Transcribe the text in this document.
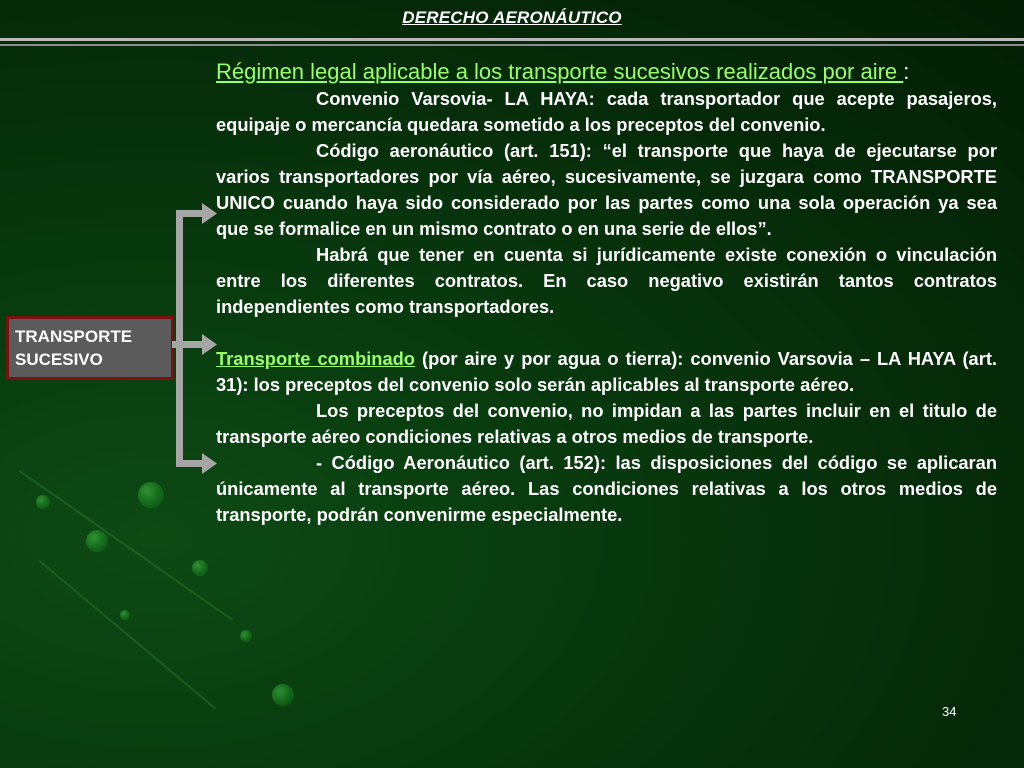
DERECHO AERONÁUTICO
TRANSPORTE
SUCESIVO

Régimen legal aplicable a los transporte sucesivos realizados por aire :

Convenio Varsovia- LA HAYA: cada transportador que acepte pasajeros, equipaje o mercancía quedara sometido a los preceptos del convenio.

Código aeronáutico (art. 151): “el transporte que haya de ejecutarse por varios transportadores por vía aéreo, sucesivamente, se juzgara como TRANSPORTE UNICO cuando haya sido considerado por las partes como una sola operación ya sea que se formalice en un mismo contrato o en una serie de ellos”.

Habrá que tener en cuenta si jurídicamente existe conexión o vinculación entre los diferentes contratos. En caso negativo existirán tantos contratos independientes como transportadores.

Transporte combinado (por aire y por agua o tierra): convenio Varsovia – LA HAYA (art. 31): los preceptos del convenio solo serán aplicables al transporte aéreo.

Los preceptos del convenio, no impidan a las partes incluir en el titulo de transporte aéreo condiciones relativas a otros medios de transporte.

- Código Aeronáutico (art. 152): las disposiciones del código se aplicaran únicamente al transporte aéreo. Las condiciones relativas a los otros medios de transporte, podrán convenirme especialmente.

34
